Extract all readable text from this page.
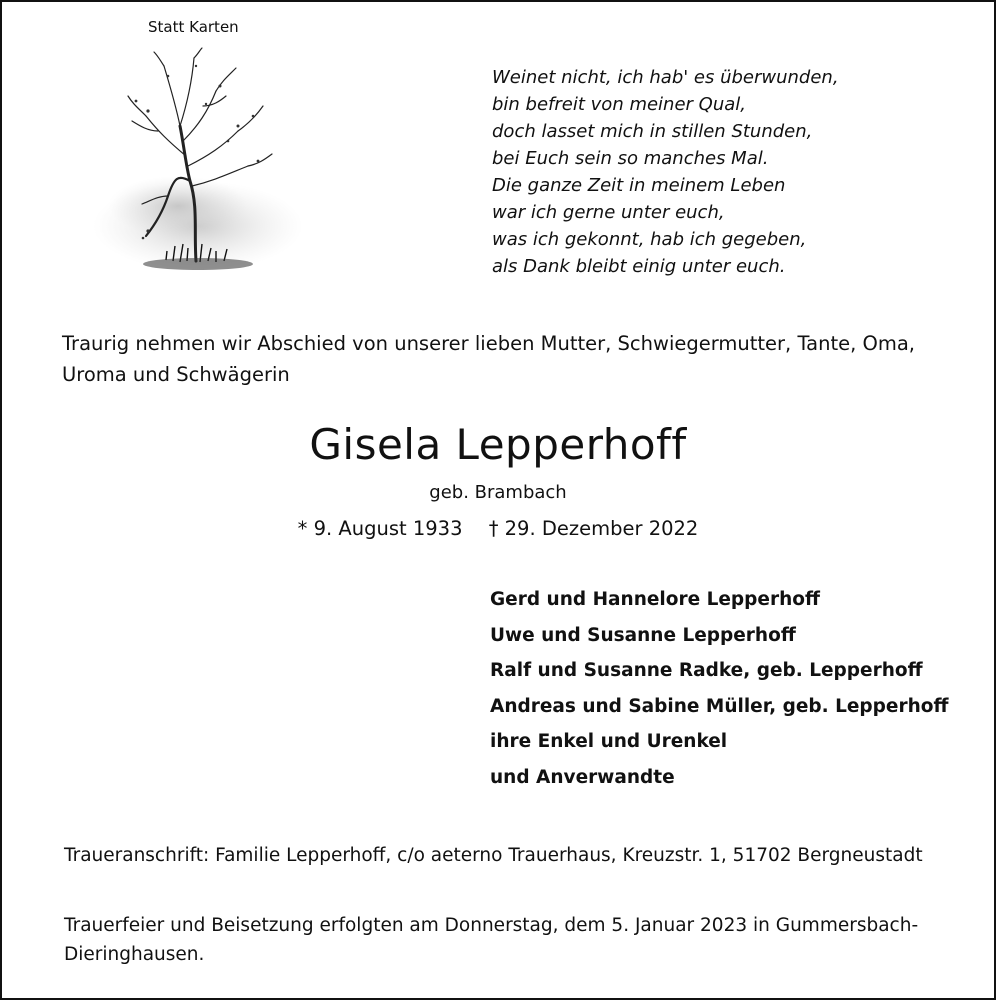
Statt Karten
Weinet nicht, ich hab' es überwunden,
bin befreit von meiner Qual,
doch lasset mich in stillen Stunden,
bei Euch sein so manches Mal.
Die ganze Zeit in meinem Leben
war ich gerne unter euch,
was ich gekonnt, hab ich gegeben,
als Dank bleibt einig unter euch.
Traurig nehmen wir Abschied von unserer lieben Mutter, Schwiegermutter, Tante, Oma, Uroma und Schwägerin
Gisela Lepperhoff
geb. Brambach
* 9. August 1933 † 29. Dezember 2022
Gerd und Hannelore Lepperhoff
Uwe und Susanne Lepperhoff
Ralf und Susanne Radke, geb. Lepperhoff
Andreas und Sabine Müller, geb. Lepperhoff
ihre Enkel und Urenkel
und Anverwandte
Traueranschrift: Familie Lepperhoff, c/o aeterno Trauerhaus, Kreuzstr. 1, 51702 Bergneustadt
Trauerfeier und Beisetzung erfolgten am Donnerstag, dem 5. Januar 2023 in Gummersbach-Dieringhausen.
